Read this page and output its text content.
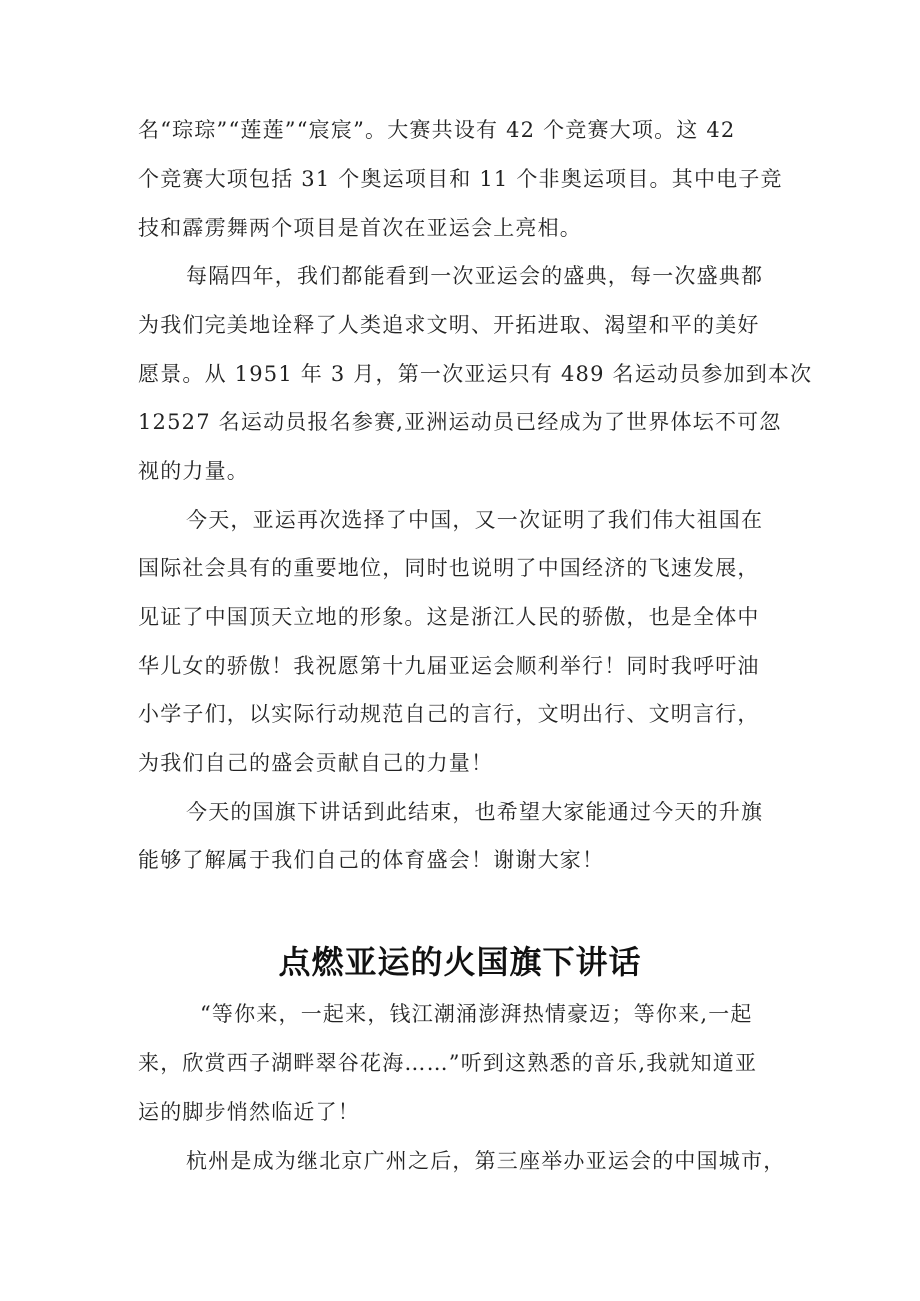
名“琮琮”“莲莲”“宸宸”。大赛共设有 42 个竞赛大项。这 42
个竞赛大项包括 31 个奥运项目和 11 个非奥运项目。其中电子竞
技和霹雳舞两个项目是首次在亚运会上亮相。
每隔四年，我们都能看到一次亚运会的盛典，每一次盛典都
为我们完美地诠释了人类追求文明、开拓进取、渴望和平的美好
愿景。从 1951 年 3 月，第一次亚运只有 489 名运动员参加到本次
12527 名运动员报名参赛,亚洲运动员已经成为了世界体坛不可忽
视的力量。
今天，亚运再次选择了中国，又一次证明了我们伟大祖国在
国际社会具有的重要地位，同时也说明了中国经济的飞速发展，
见证了中国顶天立地的形象。这是浙江人民的骄傲，也是全体中
华儿女的骄傲！我祝愿第十九届亚运会顺利举行！同时我呼吁油
小学子们，以实际行动规范自己的言行，文明出行、文明言行，
为我们自己的盛会贡献自己的力量！
今天的国旗下讲话到此结束，也希望大家能通过今天的升旗
能够了解属于我们自己的体育盛会！谢谢大家！
点燃亚运的火国旗下讲话
“等你来，一起来，钱江潮涌澎湃热情豪迈；等你来,一起
来，欣赏西子湖畔翠谷花海……”听到这熟悉的音乐,我就知道亚
运的脚步悄然临近了！
杭州是成为继北京广州之后，第三座举办亚运会的中国城市，
